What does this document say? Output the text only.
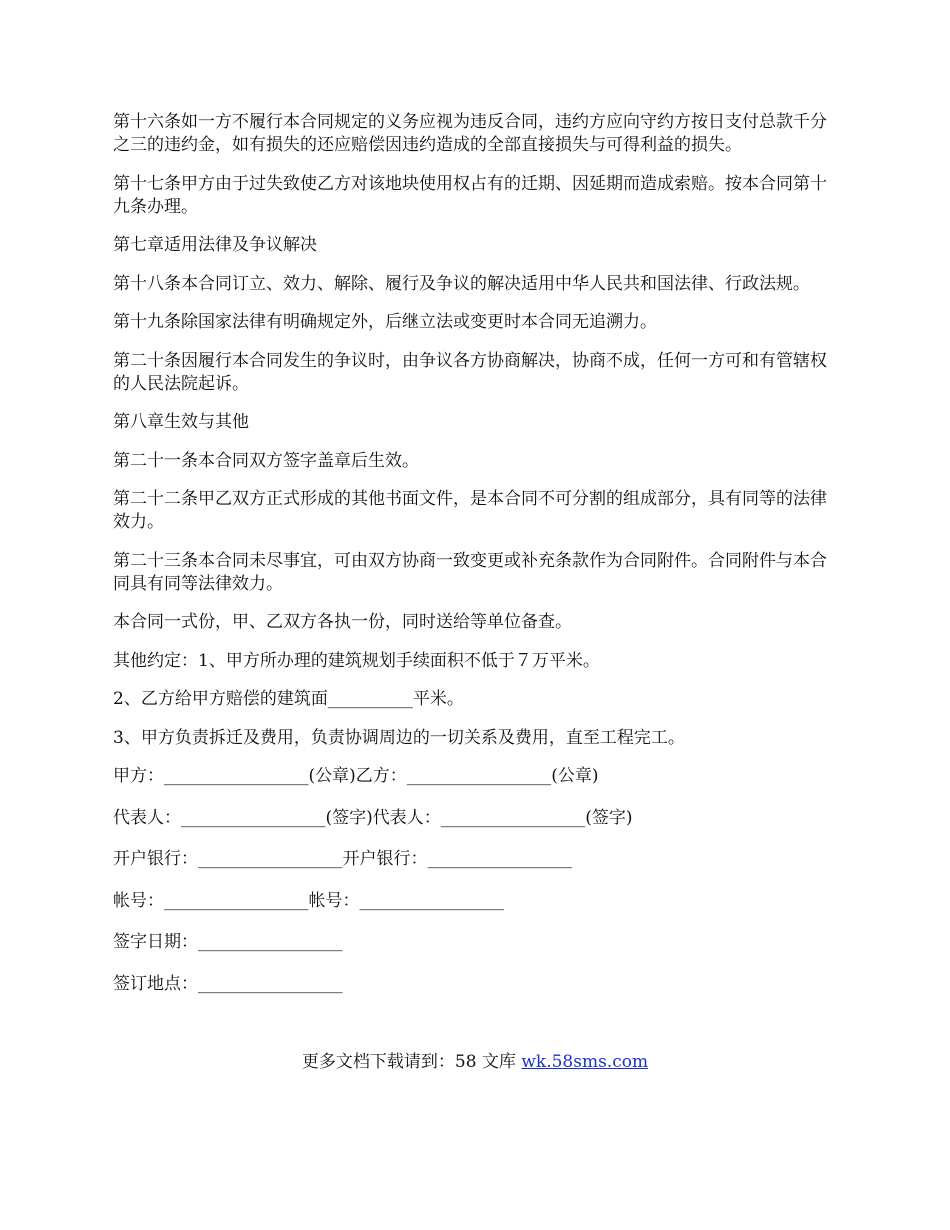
第十六条如一方不履行本合同规定的义务应视为违反合同，违约方应向守约方按日支付总款千分之三的违约金，如有损失的还应赔偿因违约造成的全部直接损失与可得利益的损失。

第十七条甲方由于过失致使乙方对该地块使用权占有的迁期、因延期而造成索赔。按本合同第十九条办理。

第七章适用法律及争议解决

第十八条本合同订立、效力、解除、履行及争议的解决适用中华人民共和国法律、行政法规。

第十九条除国家法律有明确规定外，后继立法或变更时本合同无追溯力。

第二十条因履行本合同发生的争议时，由争议各方协商解决，协商不成，任何一方可和有管辖权的人民法院起诉。

第八章生效与其他

第二十一条本合同双方签字盖章后生效。

第二十二条甲乙双方正式形成的其他书面文件，是本合同不可分割的组成部分，具有同等的法律效力。

第二十三条本合同未尽事宜，可由双方协商一致变更或补充条款作为合同附件。合同附件与本合同具有同等法律效力。

本合同一式份，甲、乙双方各执一份，同时送给等单位备查。

其他约定：1、甲方所办理的建筑规划手续面积不低于７万平米。

2、乙方给甲方赔偿的建筑面__________平米。

3、甲方负责拆迁及费用，负责协调周边的一切关系及费用，直至工程完工。

甲方：_________________(公章)乙方：_________________(公章)
代表人：_________________(签字)代表人：_________________(签字)
开户银行：_________________开户银行：_________________
帐号：_________________帐号：_________________
签字日期：_________________
签订地点：_________________
更多文档下载请到：58 文库 wk.58sms.com
